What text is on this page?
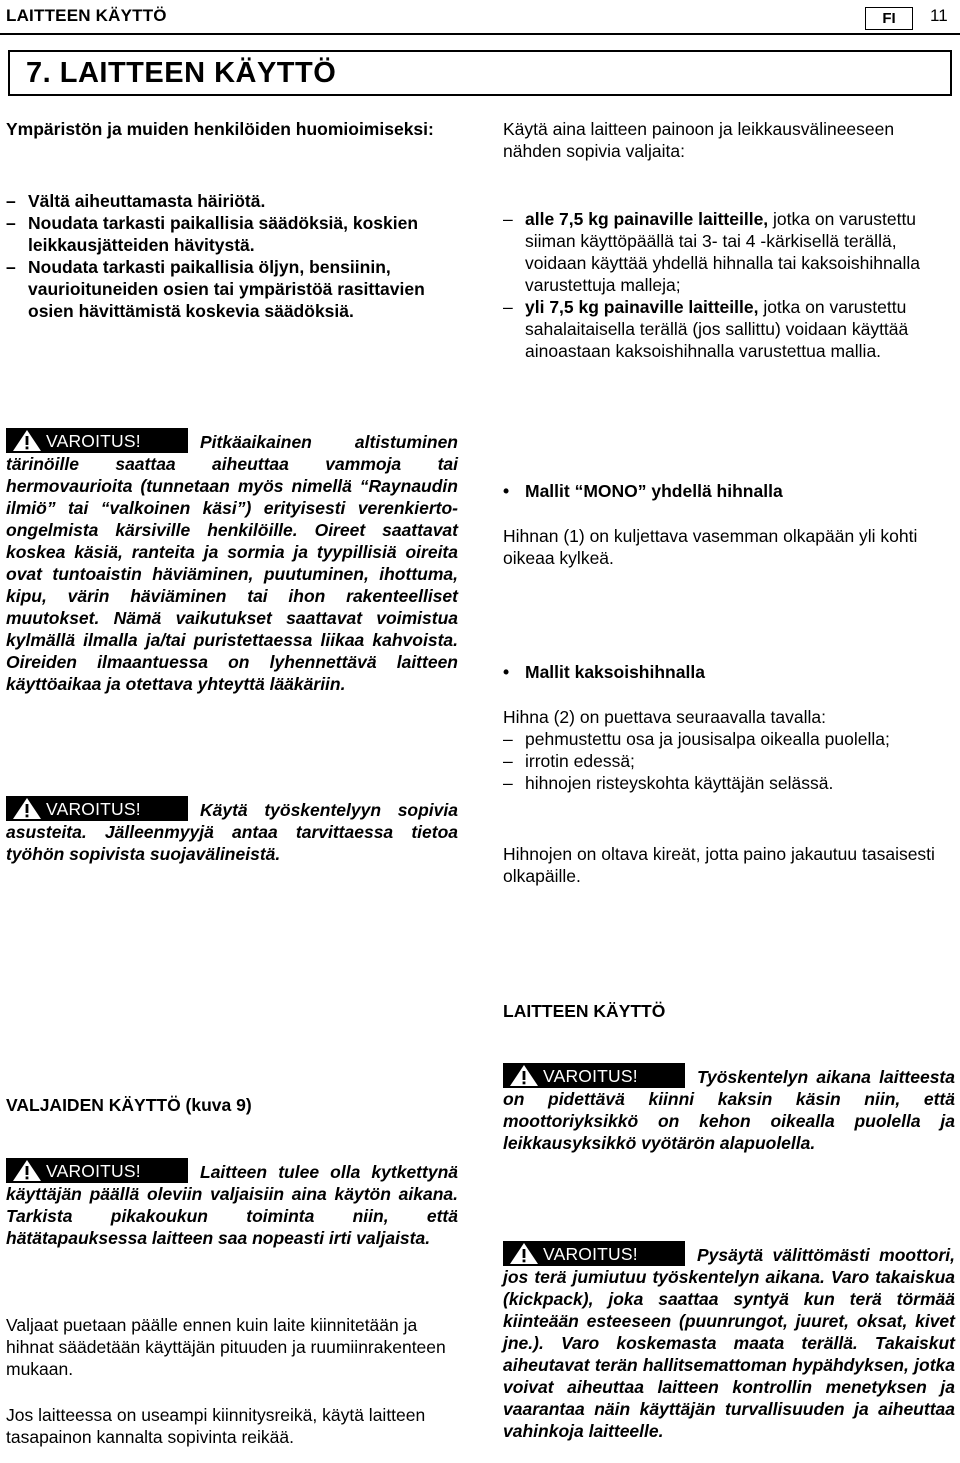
LAITTEEN KÄYTTÖ	FI	11
7. LAITTEEN KÄYTTÖ
Ympäristön ja muiden henkilöiden huomioimiseksi:
– Vältä aiheuttamasta häiriötä.
– Noudata tarkasti paikallisia säädöksiä, koskien leikkausjätteiden hävitystä.
– Noudata tarkasti paikallisia öljyn, bensiinin, vaurioituneiden osien tai ympäristöä rasittavien osien hävittämistä koskevia säädöksiä.
VAROITUS!	Pitkäaikainen altistuminen tärinöille saattaa aiheuttaa vammoja tai hermovaurioita (tunnetaan myös nimellä “Raynaudin ilmiö” tai “valkoinen käsi”) erityisesti verenkierto-ongelmista kärsiville henkilöille. Oireet saattavat koskea käsiä, ranteita ja sormia ja tyypillisiä oireita ovat tuntoaistin häviäminen, puutuminen, ihottuma, kipu, värin häviäminen tai ihon rakenteelliset muutokset. Nämä vaikutukset saattavat voimistua kylmällä ilmalla ja/tai puristettaessa liikaa kahvoista. Oireiden ilmaantuessa on lyhennettävä laitteen käyttöaikaa ja otettava yhteyttä lääkäriin.
VAROITUS!	Käytä työskentelyyn sopivia asusteita. Jälleenmyyjä antaa tarvittaessa tietoa työhön sopivista suojavälineistä.
VALJAIDEN KÄYTTÖ (kuva 9)
VAROITUS!	Laitteen tulee olla kytkettynä käyttäjän päällä oleviin valjaisiin aina käytön aikana. Tarkista pikakoukun toiminta niin, että hätätapauksessa laitteen saa nopeasti irti valjaista.
Valjaat puetaan päälle ennen kuin laite kiinnitetään ja hihnat säädetään käyttäjän pituuden ja ruumiinrakenteen mukaan.
Jos laitteessa on useampi kiinnitysreikä, käytä laitteen tasapainon kannalta sopivinta reikää.
Käytä aina laitteen painoon ja leikkausvälineeseen nähden sopivia valjaita:
– alle 7,5 kg painaville laitteille, jotka on varustettu siiman käyttöpäällä tai 3- tai 4 -kärkisellä terällä, voidaan käyttää yhdellä hihnalla tai kaksoishihnalla varustettuja malleja;
– yli 7,5 kg painaville laitteille, jotka on varustettu sahalaitaisella terällä (jos sallittu) voidaan käyttää ainoastaan kaksoishihnalla varustettua mallia.
• Mallit “MONO” yhdellä hihnalla
Hihnan (1) on kuljettava vasemman olkapään yli kohti oikeaa kylkeä.
• Mallit kaksoishihnalla
Hihna (2) on puettava seuraavalla tavalla:
– pehmustettu osa ja jousisalpa oikealla puolella;
– irrotin edessä;
– hihnojen risteyskohta käyttäjän selässä.
Hihnojen on oltava kireät, jotta paino jakautuu tasaisesti olkapäille.
LAITTEEN KÄYTTÖ
VAROITUS!	Työskentelyn aikana laitteesta on pidettävä kiinni kaksin käsin niin, että moottoriyksikkö on kehon oikealla puolella ja leikkausyksikkö vyötärön alapuolella.
VAROITUS!	Pysäytä välittömästi moottori, jos terä jumiutuu työskentelyn aikana. Varo takaiskua (kickpack), joka saattaa syntyä kun terä törmää kiinteään esteeseen (puunrungot, juuret, oksat, kivet jne.). Varo koskemasta maata terällä. Takaiskut aiheutavat terän hallitsemattoman hypähdyksen, jotka voivat aiheuttaa laitteen kontrollin menetyksen ja vaarantaa näin käyttäjän turvallisuuden ja aiheuttaa vahinkoja laitteelle.
